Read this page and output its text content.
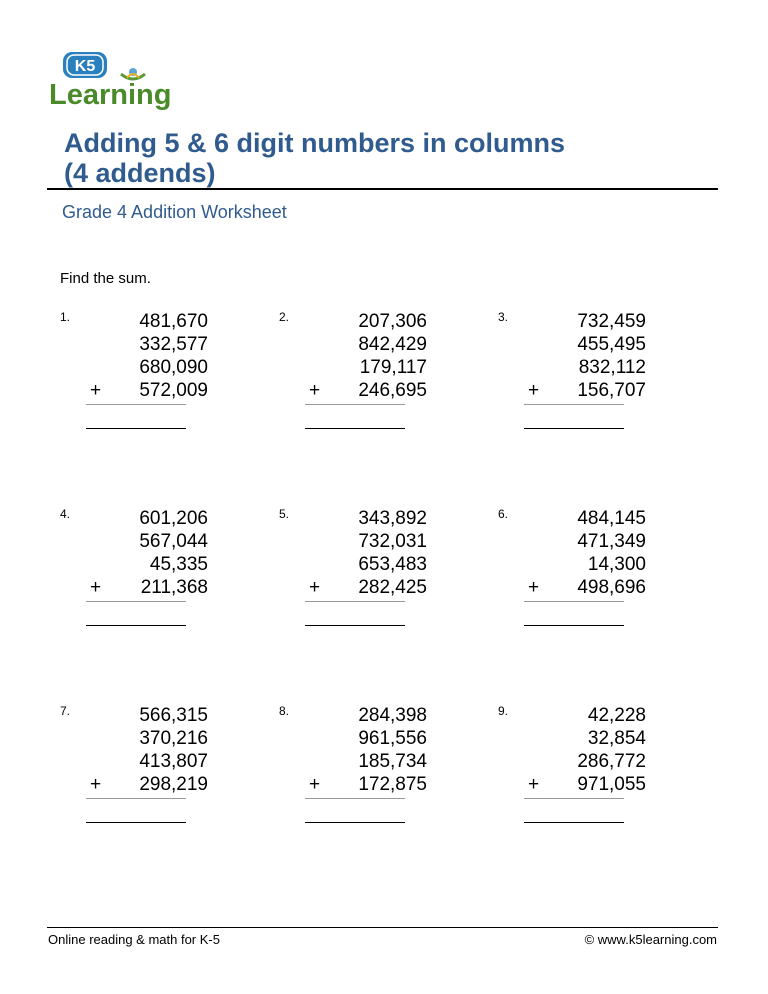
K5
Learning
Adding 5 & 6 digit numbers in columns
(4 addends)
Grade 4 Addition Worksheet
Find the sum.
1.	481,670
332,577
680,090
572,009
+
2.	207,306
842,429
179,117
246,695
+
3.	732,459
455,495
832,112
156,707
+
4.	601,206
567,044
45,335
211,368
+
5.	343,892
732,031
653,483
282,425
+
6.	484,145
471,349
14,300
498,696
+
7.	566,315
370,216
413,807
298,219
+
8.	284,398
961,556
185,734
172,875
+
9.	42,228
32,854
286,772
971,055
+
Online reading & math for K-5	© www.k5learning.com
